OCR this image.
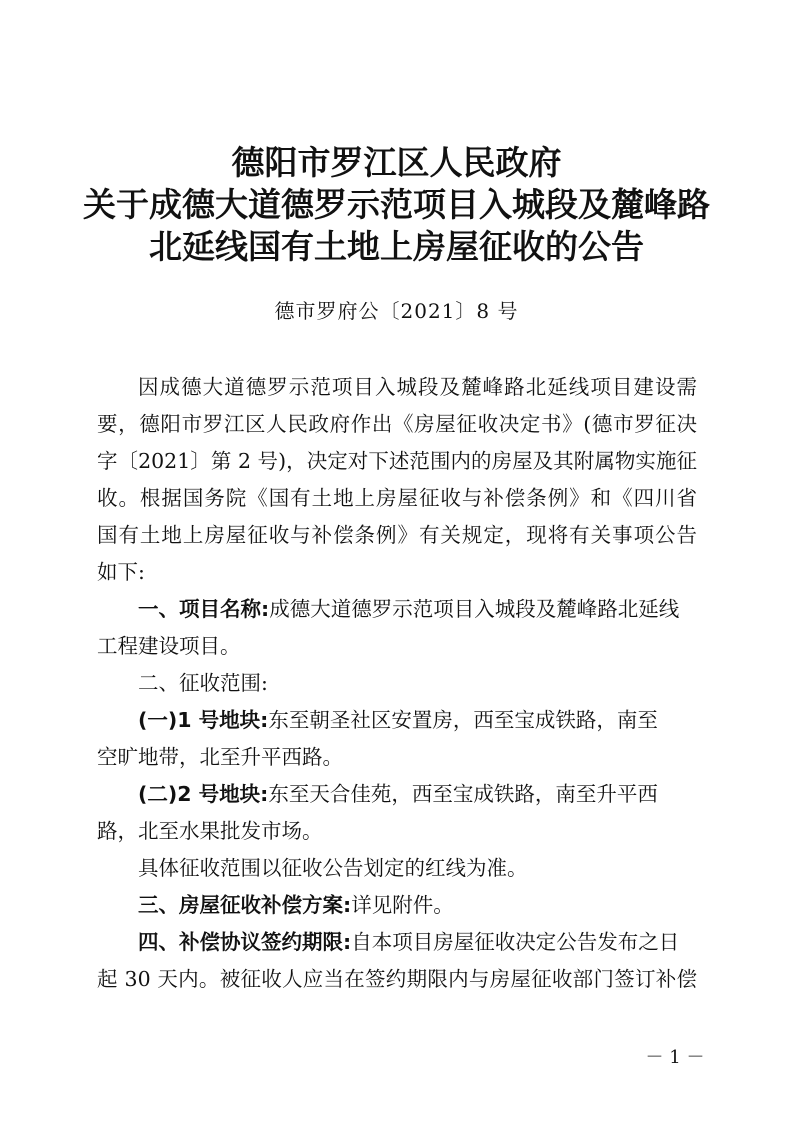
德阳市罗江区人民政府
关于成德大道德罗示范项目入城段及麓峰路
北延线国有土地上房屋征收的公告
德市罗府公〔2021〕8 号
因成德大道德罗示范项目入城段及麓峰路北延线项目建设需
要，德阳市罗江区人民政府作出《房屋征收决定书》(德市罗征决
字〔2021〕第 2 号)，决定对下述范围内的房屋及其附属物实施征
收。根据国务院《国有土地上房屋征收与补偿条例》和《四川省
国有土地上房屋征收与补偿条例》有关规定，现将有关事项公告
如下:
一、项目名称:成德大道德罗示范项目入城段及麓峰路北延线
工程建设项目。
二、征收范围:
(一)1 号地块:东至朝圣社区安置房，西至宝成铁路，南至
空旷地带，北至升平西路。
(二)2 号地块:东至天合佳苑，西至宝成铁路，南至升平西
路，北至水果批发市场。
具体征收范围以征收公告划定的红线为准。
三、房屋征收补偿方案:详见附件。
四、补偿协议签约期限:自本项目房屋征收决定公告发布之日
起 30 天内。被征收人应当在签约期限内与房屋征收部门签订补偿
－ 1 －
